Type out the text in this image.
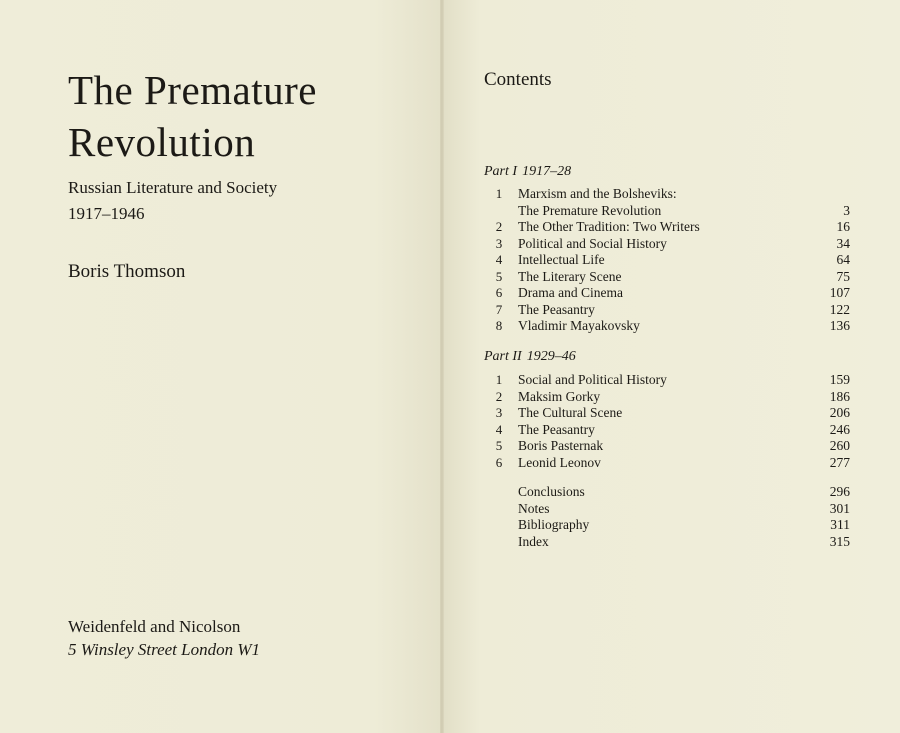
The Premature
Revolution
Russian Literature and Society
1917–1946
Boris Thomson
Weidenfeld and Nicolson
5 Winsley Street London W1
Contents
Part I 1917–28
1 Marxism and the Bolsheviks:
The Premature Revolution	3
2 The Other Tradition: Two Writers	16
3 Political and Social History	34
4 Intellectual Life	64
5 The Literary Scene	75
6 Drama and Cinema	107
7 The Peasantry	122
8 Vladimir Mayakovsky	136
Part II 1929–46
1 Social and Political History	159
2 Maksim Gorky	186
3 The Cultural Scene	206
4 The Peasantry	246
5 Boris Pasternak	260
6 Leonid Leonov	277
Conclusions	296
Notes	301
Bibliography	311
Index	315
